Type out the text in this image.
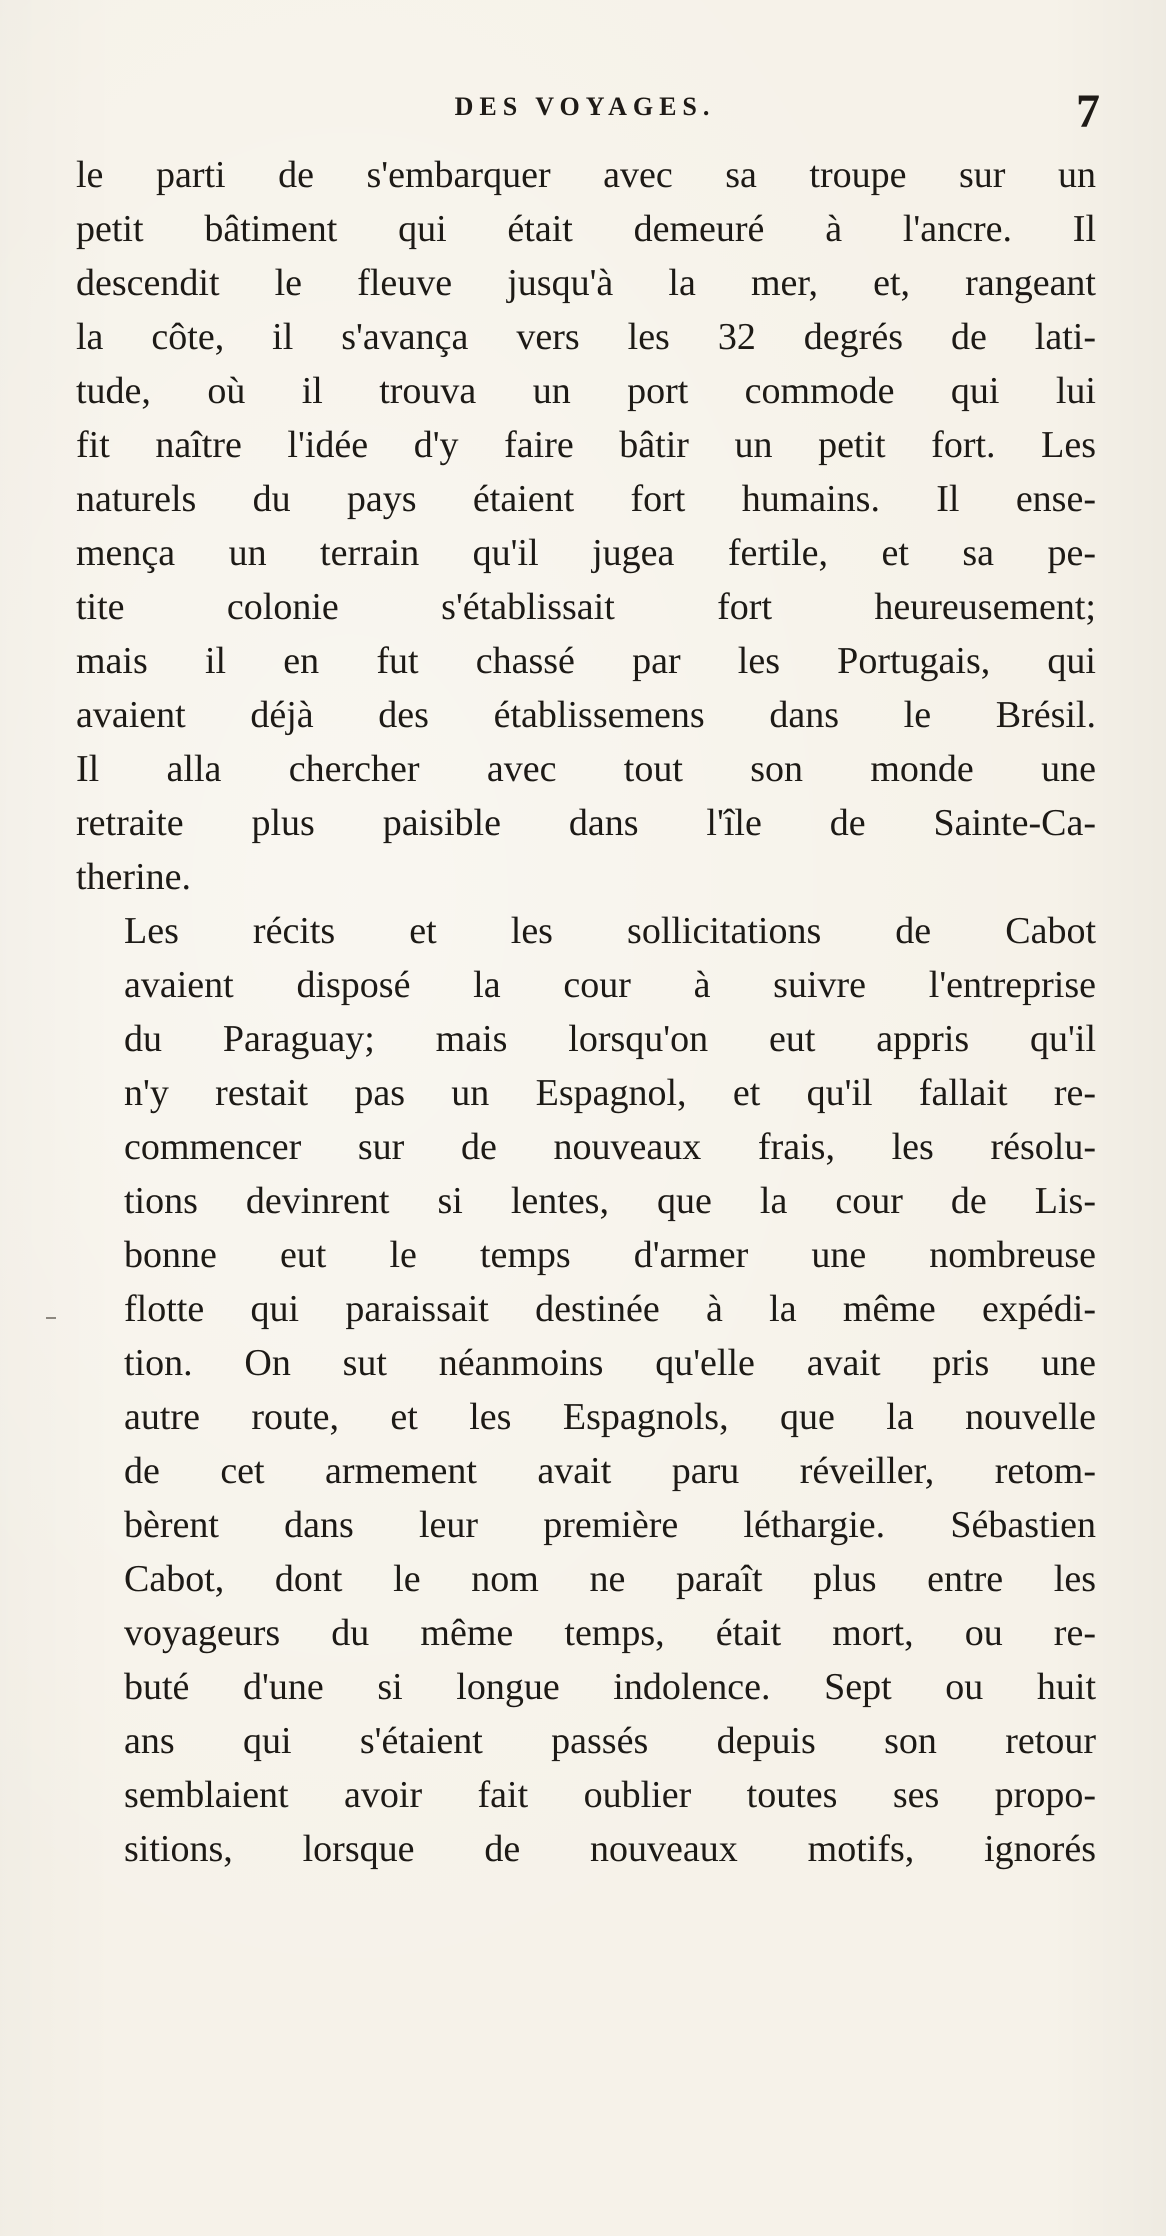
DES VOYAGES.	7
le parti de s'embarquer avec sa troupe sur un
petit bâtiment qui était demeuré à l'ancre. Il
descendit le fleuve jusqu'à la mer, et, rangeant
la côte, il s'avança vers les 32 degrés de lati-
tude, où il trouva un port commode qui lui
fit naître l'idée d'y faire bâtir un petit fort. Les
naturels du pays étaient fort humains. Il ense-
mença un terrain qu'il jugea fertile, et sa pe-
tite colonie s'établissait fort heureusement;
mais il en fut chassé par les Portugais, qui
avaient déjà des établissemens dans le Brésil.
Il alla chercher avec tout son monde une
retraite plus paisible dans l'île de Sainte-Ca-
therine.
Les récits et les sollicitations de Cabot
avaient disposé la cour à suivre l'entreprise
du Paraguay; mais lorsqu'on eut appris qu'il
n'y restait pas un Espagnol, et qu'il fallait re-
commencer sur de nouveaux frais, les résolu-
tions devinrent si lentes, que la cour de Lis-
bonne eut le temps d'armer une nombreuse
flotte qui paraissait destinée à la même expédi-
tion. On sut néanmoins qu'elle avait pris une
autre route, et les Espagnols, que la nouvelle
de cet armement avait paru réveiller, retom-
bèrent dans leur première léthargie. Sébastien
Cabot, dont le nom ne paraît plus entre les
voyageurs du même temps, était mort, ou re-
buté d'une si longue indolence. Sept ou huit
ans qui s'étaient passés depuis son retour
semblaient avoir fait oublier toutes ses propo-
sitions, lorsque de nouveaux motifs, ignorés
